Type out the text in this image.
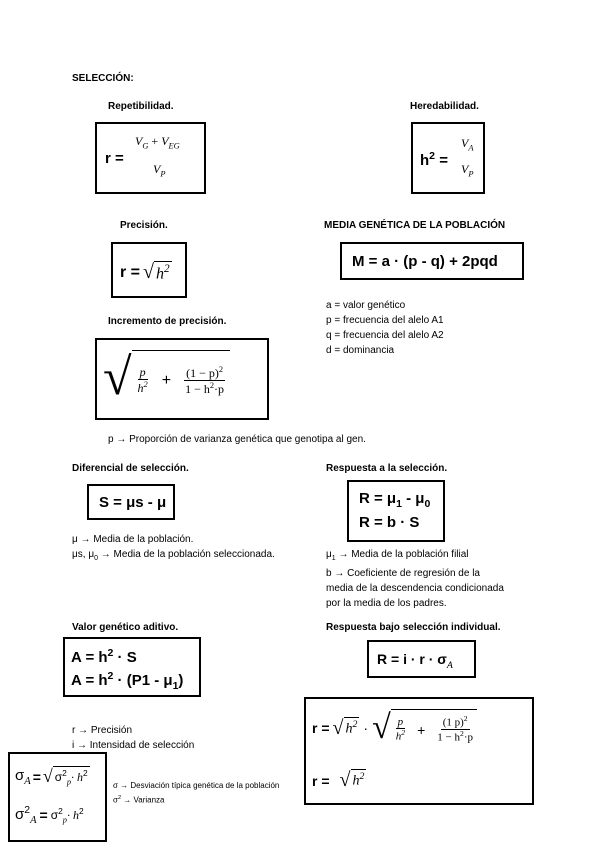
SELECCIÓN:
Repetibilidad.
r =
$V_G + V_{EG}$
$V_P$
Heredabilidad.
$h^2$ =
$V_A$
$V_P$
Precisión.
r = √ $h^2$
MEDIA GENÉTICA DE LA POBLACIÓN
M = a · (p - q) + 2pqd
a = valor genético
p = frecuencia del alelo A1
q = frecuencia del alelo A2
d = dominancia
Incremento de precisión.
√ $\frac{p}{h^2} + \frac{(1 - p)^2}{1 - h^2\cdot p}$
p → Proporción de varianza genética que genotipa al gen.
Diferencial de selección.
S = μs - μ
μ → Media de la población.
μs, $\mu_0$ → Media de la población seleccionada.
Respuesta a la selección.
$R = \mu_1 - \mu_0$
R = b · S
$\mu_1$ → Media de la población filial
b → Coeficiente de regresión de la
media de la descendencia condicionada
por la media de los padres.
Valor genético aditivo.
$A = h^2 \cdot S$
$A = h^2 \cdot (P1 - \mu_1)$
r → Precisión
i → Intensidad de selección
Respuesta bajo selección individual.
$R = i \cdot r \cdot \sigma_A$
r = √ $h^2$ · √ $\frac{p}{h^2} + \frac{(1 p)^2}{1 - h^2\cdot p}$
r = √ $h^2$
$\sigma_A$ = √ $\sigma^2_p\cdot h^2$
$\sigma^2_A = \sigma^2_p\cdot h^2$
σ → Desviación típica genética de la población
$\sigma^2$ → Varianza
